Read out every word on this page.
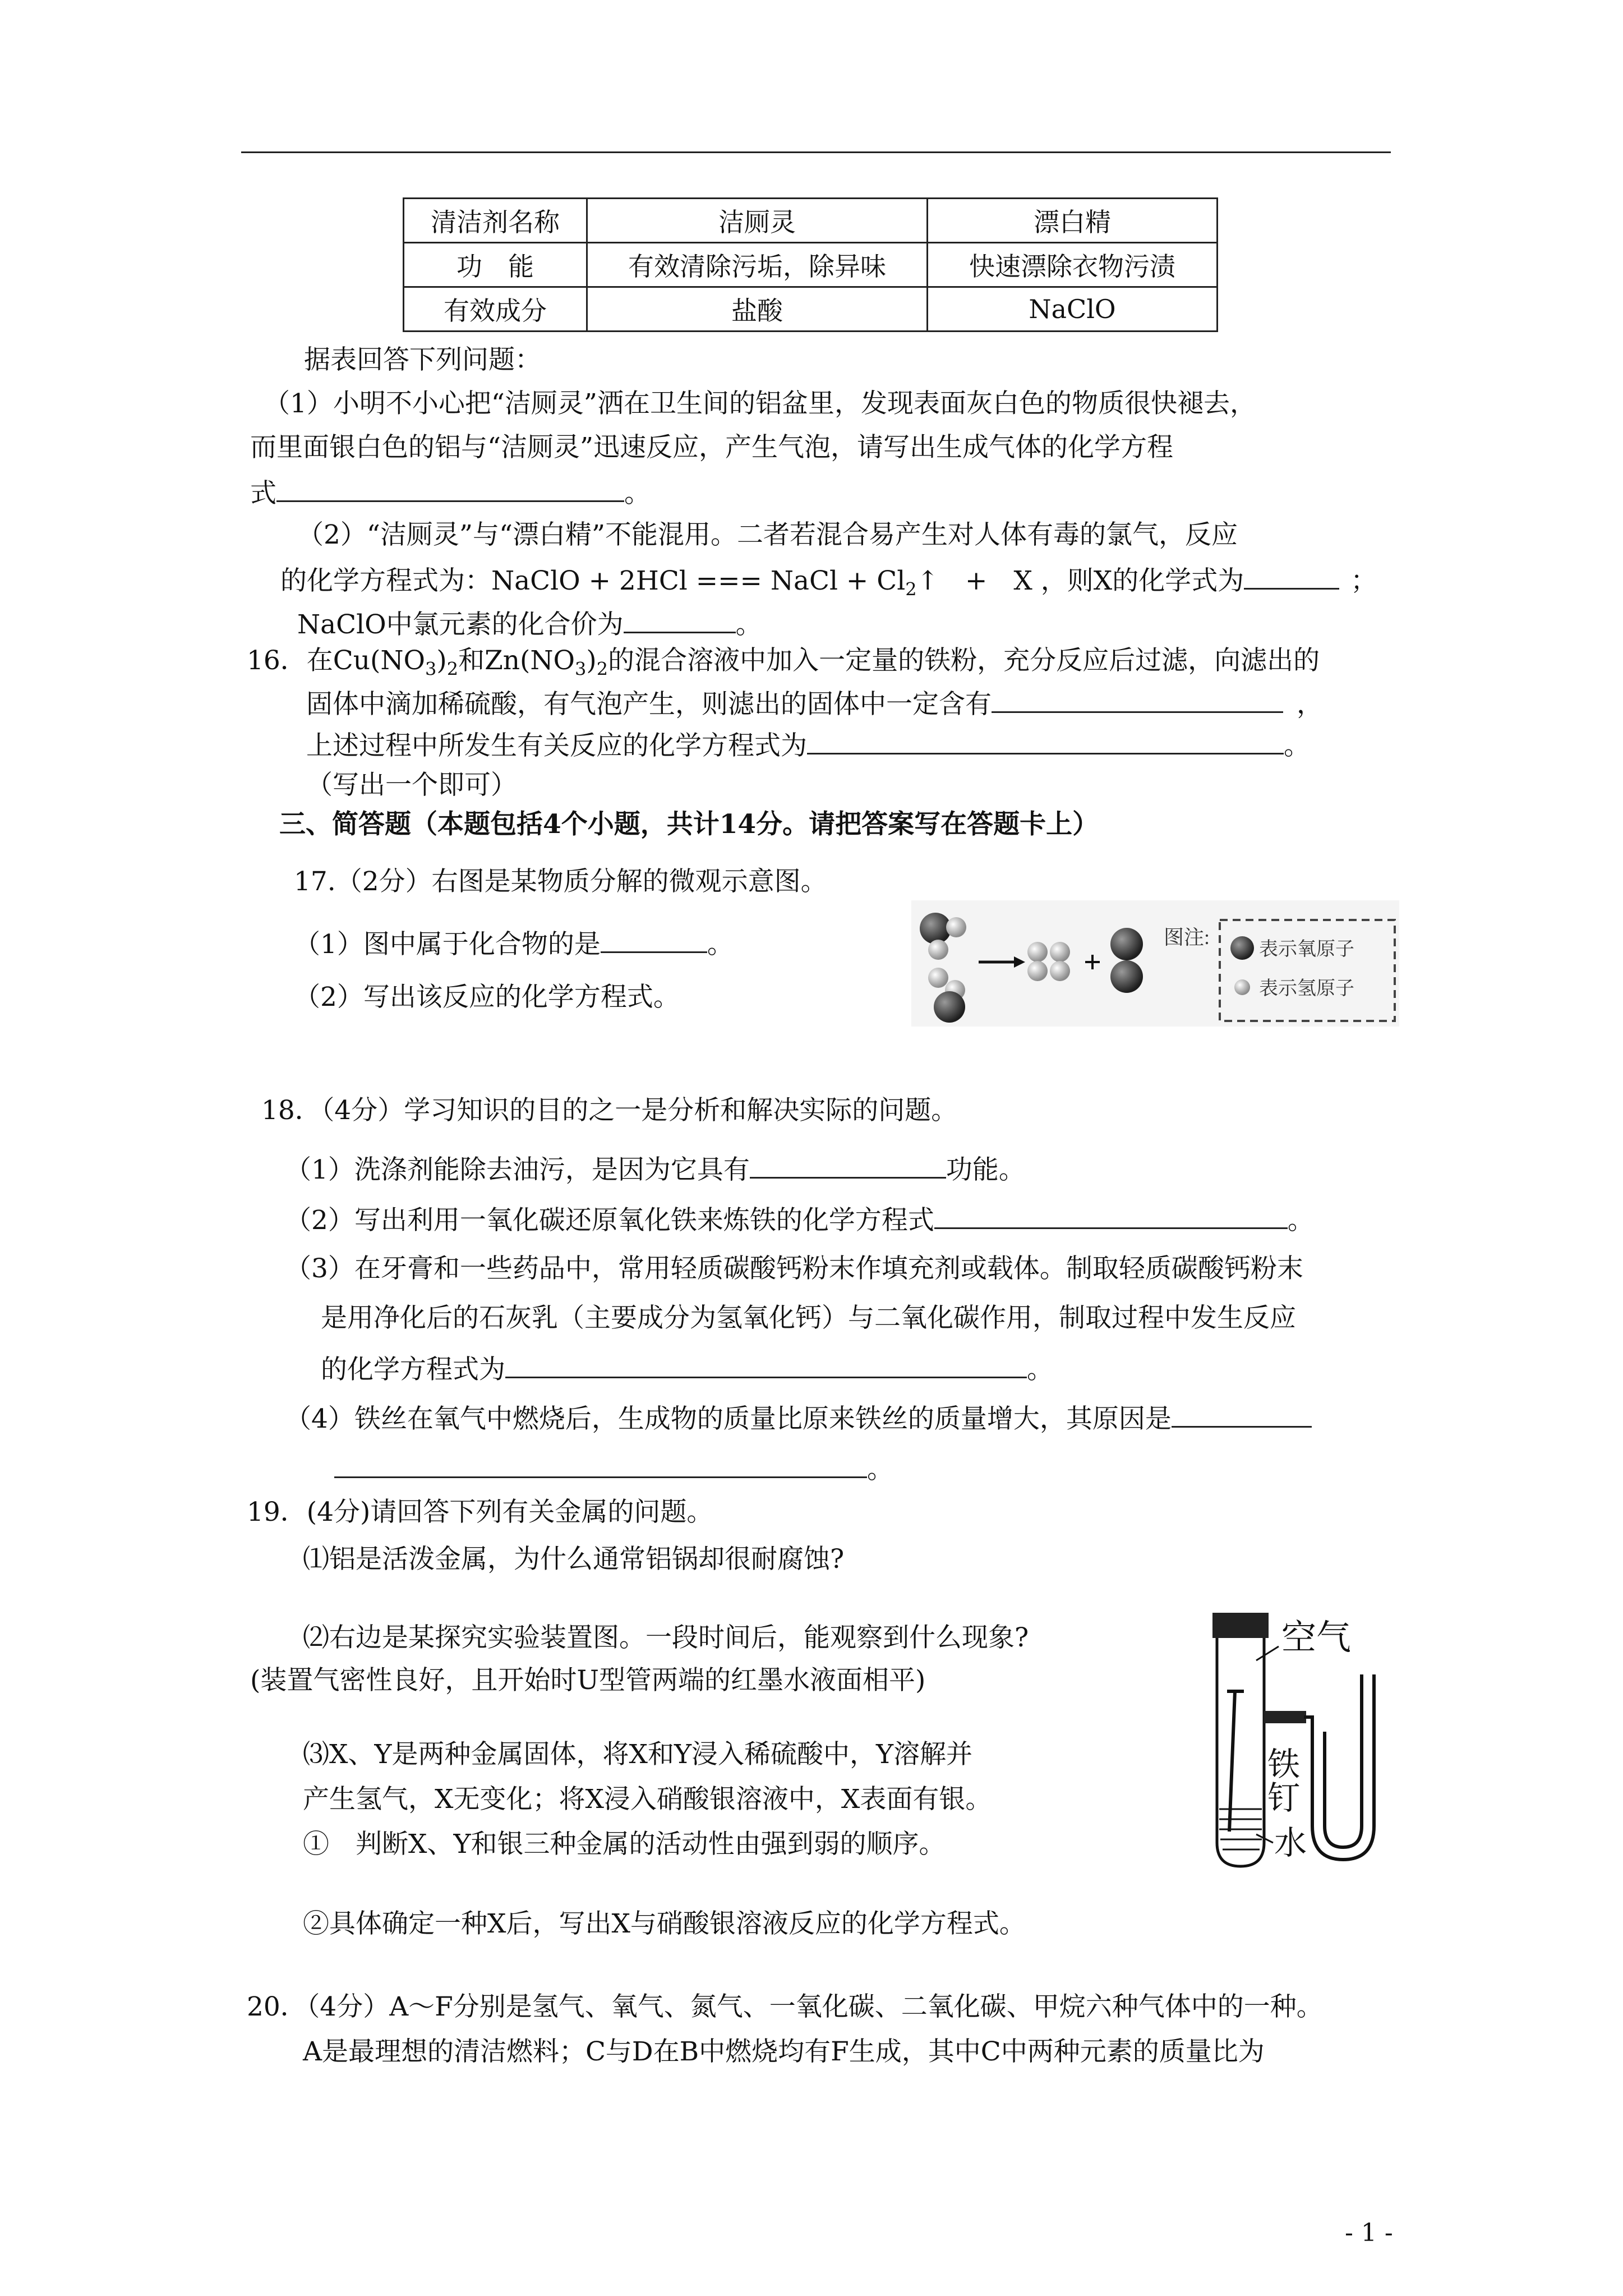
清洁剂名称	洁厕灵	漂白精
功　能	有效清除污垢，除异味	快速漂除衣物污渍
有效成分	盐酸	NaClO
据表回答下列问题：
（1）小明不小心把“洁厕灵”洒在卫生间的铝盆里，发现表面灰白色的物质很快褪去，
而里面银白色的铝与“洁厕灵”迅速反应，产生气泡，请写出生成气体的化学方程
式	。
（2）“洁厕灵”与“漂白精”不能混用。二者若混合易产生对人体有毒的氯气，反应
的化学方程式为：NaClO + 2HCl === NaCl + $Cl_2↑$　+　X ，则X的化学式为	；
NaClO中氯元素的化合价为	。
16．在$Cu(NO_3)_2$和$Zn(NO_3)_2$的混合溶液中加入一定量的铁粉，充分反应后过滤，向滤出的
固体中滴加稀硫酸，有气泡产生，则滤出的固体中一定含有	，
上述过程中所发生有关反应的化学方程式为	。
（写出一个即可）
三、简答题（本题包括4个小题，共计14分。请把答案写在答题卡上）
17.（2分）右图是某物质分解的微观示意图。
（1）图中属于化合物的是	。
（2）写出该反应的化学方程式。
图注:
表示氧原子
表示氢原子
18．（4分）学习知识的目的之一是分析和解决实际的问题。
（1）洗涤剂能除去油污，是因为它具有	功能。
（2）写出利用一氧化碳还原氧化铁来炼铁的化学方程式	。
（3）在牙膏和一些药品中，常用轻质碳酸钙粉末作填充剂或载体。制取轻质碳酸钙粉末
是用净化后的石灰乳（主要成分为氢氧化钙）与二氧化碳作用，制取过程中发生反应
的化学方程式为	。
（4）铁丝在氧气中燃烧后，生成物的质量比原来铁丝的质量增大，其原因是
。
19．(4分)请回答下列有关金属的问题。
⑴铝是活泼金属，为什么通常铝锅却很耐腐蚀?
⑵右边是某探究实验装置图。一段时间后，能观察到什么现象?
(装置气密性良好，且开始时U型管两端的红墨水液面相平)
⑶X、Y是两种金属固体，将X和Y浸入稀硫酸中，Y溶解并
产生氢气，X无变化；将X浸入硝酸银溶液中，X表面有银。
①　判断X、Y和银三种金属的活动性由强到弱的顺序。
②具体确定一种X后，写出X与硝酸银溶液反应的化学方程式。
空气
铁
钉
水
20．（4分）A～F分别是氢气、氧气、氮气、一氧化碳、二氧化碳、甲烷六种气体中的一种。
A是最理想的清洁燃料；C与D在B中燃烧均有F生成，其中C中两种元素的质量比为
- 1 -
